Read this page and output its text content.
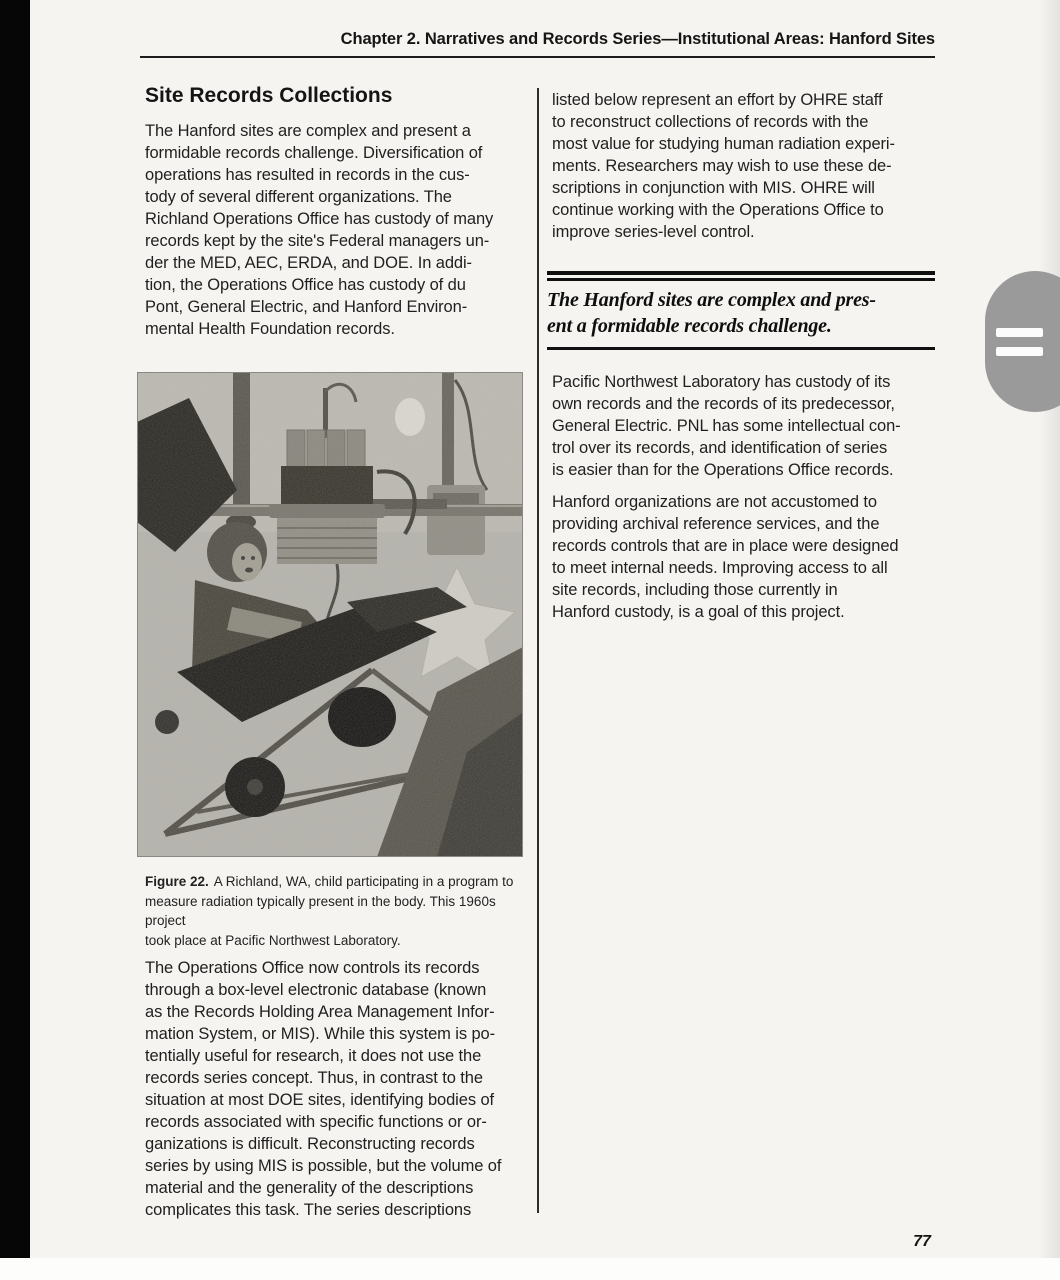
Chapter 2. Narratives and Records Series—Institutional Areas: Hanford Sites
Site Records Collections
The Hanford sites are complex and present a
formidable records challenge. Diversification of
operations has resulted in records in the cus-
tody of several different organizations. The
Richland Operations Office has custody of many
records kept by the site's Federal managers un-
der the MED, AEC, ERDA, and DOE. In addi-
tion, the Operations Office has custody of du
Pont, General Electric, and Hanford Environ-
mental Health Foundation records.
Figure 22. A Richland, WA, child participating in a program to
measure radiation typically present in the body. This 1960s project
took place at Pacific Northwest Laboratory.
The Operations Office now controls its records
through a box-level electronic database (known
as the Records Holding Area Management Infor-
mation System, or MIS). While this system is po-
tentially useful for research, it does not use the
records series concept. Thus, in contrast to the
situation at most DOE sites, identifying bodies of
records associated with specific functions or or-
ganizations is difficult. Reconstructing records
series by using MIS is possible, but the volume of
material and the generality of the descriptions
complicates this task. The series descriptions
listed below represent an effort by OHRE staff
to reconstruct collections of records with the
most value for studying human radiation experi-
ments. Researchers may wish to use these de-
scriptions in conjunction with MIS. OHRE will
continue working with the Operations Office to
improve series-level control.
The Hanford sites are complex and pres-
ent a formidable records challenge.
Pacific Northwest Laboratory has custody of its
own records and the records of its predecessor,
General Electric. PNL has some intellectual con-
trol over its records, and identification of series
is easier than for the Operations Office records.

Hanford organizations are not accustomed to
providing archival reference services, and the
records controls that are in place were designed
to meet internal needs. Improving access to all
site records, including those currently in
Hanford custody, is a goal of this project.
77
